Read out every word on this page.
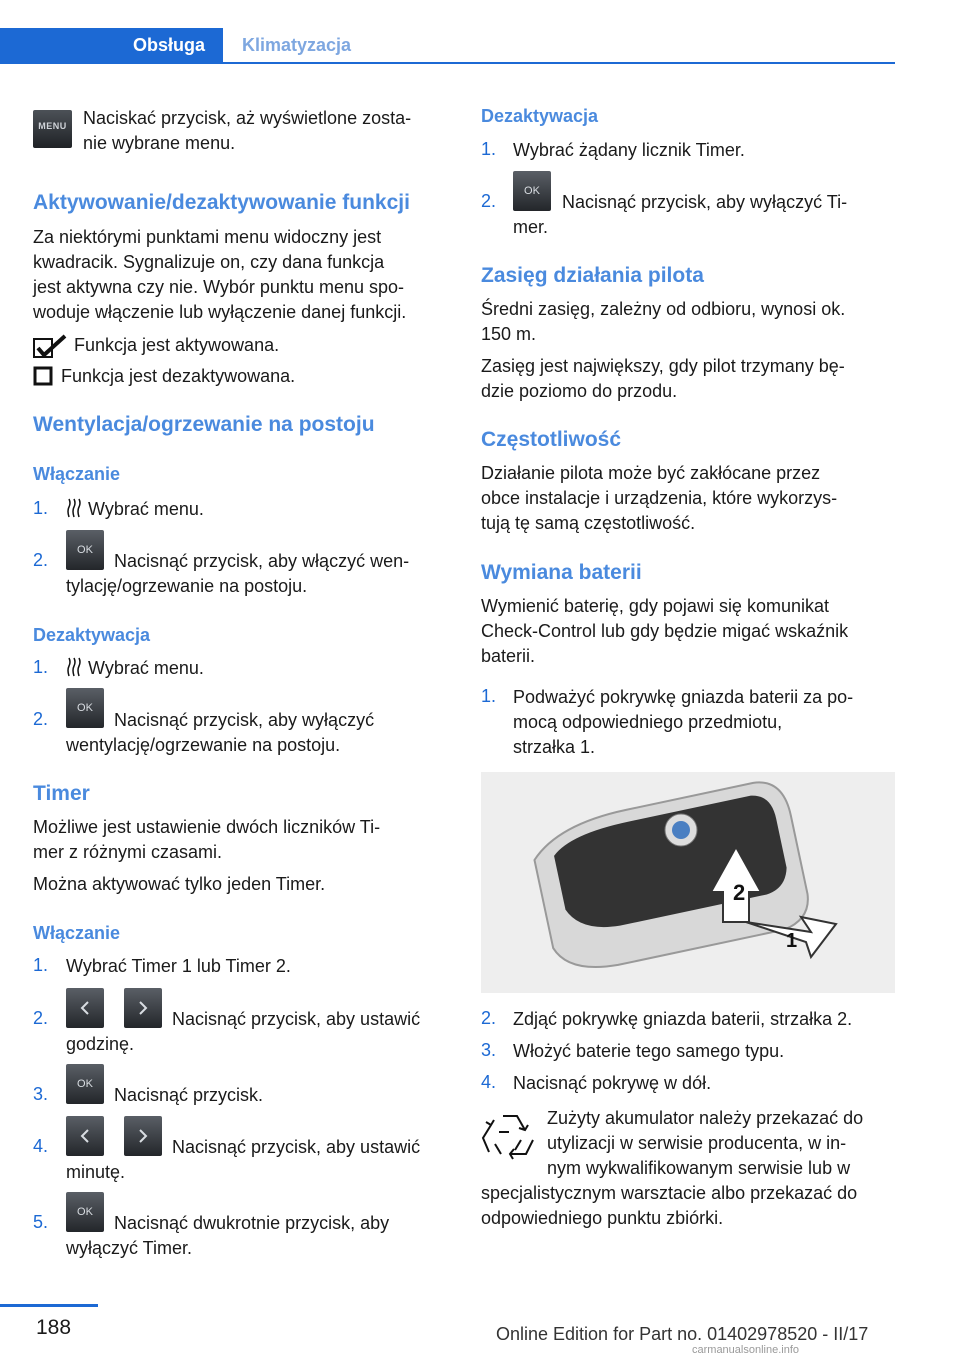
Obsługa	Klimatyzacja
MENU Naciskać przycisk, aż wyświetlone zosta‐

nie wybrane menu.

Aktywowanie/dezaktywowanie funkcji

Za niektórymi punktami menu widoczny jest

kwadracik. Sygnalizuje on, czy dana funkcja

jest aktywna czy nie. Wybór punktu menu spo‐

woduje włączenie lub wyłączenie danej funkcji.

Funkcja jest aktywowana.

Funkcja jest dezaktywowana.

Wentylacja/ogrzewanie na postoju

Włączanie

1. Wybrać menu.

2.	OK

Nacisnąć przycisk, aby włączyć wen‐

tylację/ogrzewanie na postoju.

Dezaktywacja

1. Wybrać menu.

2.
OK

Nacisnąć przycisk, aby wyłączyć

wentylację/ogrzewanie na postoju.

Timer

Możliwe jest ustawienie dwóch liczników Ti‐

mer z różnymi czasami.

Można aktywować tylko jeden Timer.

Włączanie

1. Wybrać Timer 1 lub Timer 2.

2.	Nacisnąć przycisk, aby ustawić

godzinę.

3.	OK

Nacisnąć przycisk.

4.	Nacisnąć przycisk, aby ustawić

minutę.

5.	OK

Nacisnąć dwukrotnie przycisk, aby

wyłączyć Timer.

Dezaktywacja

1. Wybrać żądany licznik Timer.

2.	OK

Nacisnąć przycisk, aby wyłączyć Ti‐

mer.

Zasięg działania pilota

Średni zasięg, zależny od odbioru, wynosi ok.

150 m.

Zasięg jest największy, gdy pilot trzymany bę‐

dzie poziomo do przodu.

Częstotliwość

Działanie pilota może być zakłócane przez

obce instalacje i urządzenia, które wykorzys‐

tują tę samą częstotliwość.

Wymiana baterii

Wymienić baterię, gdy pojawi się komunikat

Check-Control lub gdy będzie migać wskaźnik

baterii.

1. Podważyć pokrywkę gniazda baterii za po‐

mocą odpowiedniego przedmiotu,

strzałka 1.

2
1
2. Zdjąć pokrywkę gniazda baterii, strzałka 2.

3. Włożyć baterie tego samego typu.

4. Nacisnąć pokrywę w dół.

Zużyty akumulator należy przekazać do

utylizacji w serwisie producenta, w in‐

nym wykwalifikowanym serwisie lub w

specjalistycznym warsztacie albo przekazać do

odpowiedniego punktu zbiórki.

188	Online Edition for Part no. 01402978520 - II/17
carmanualsonline.info
